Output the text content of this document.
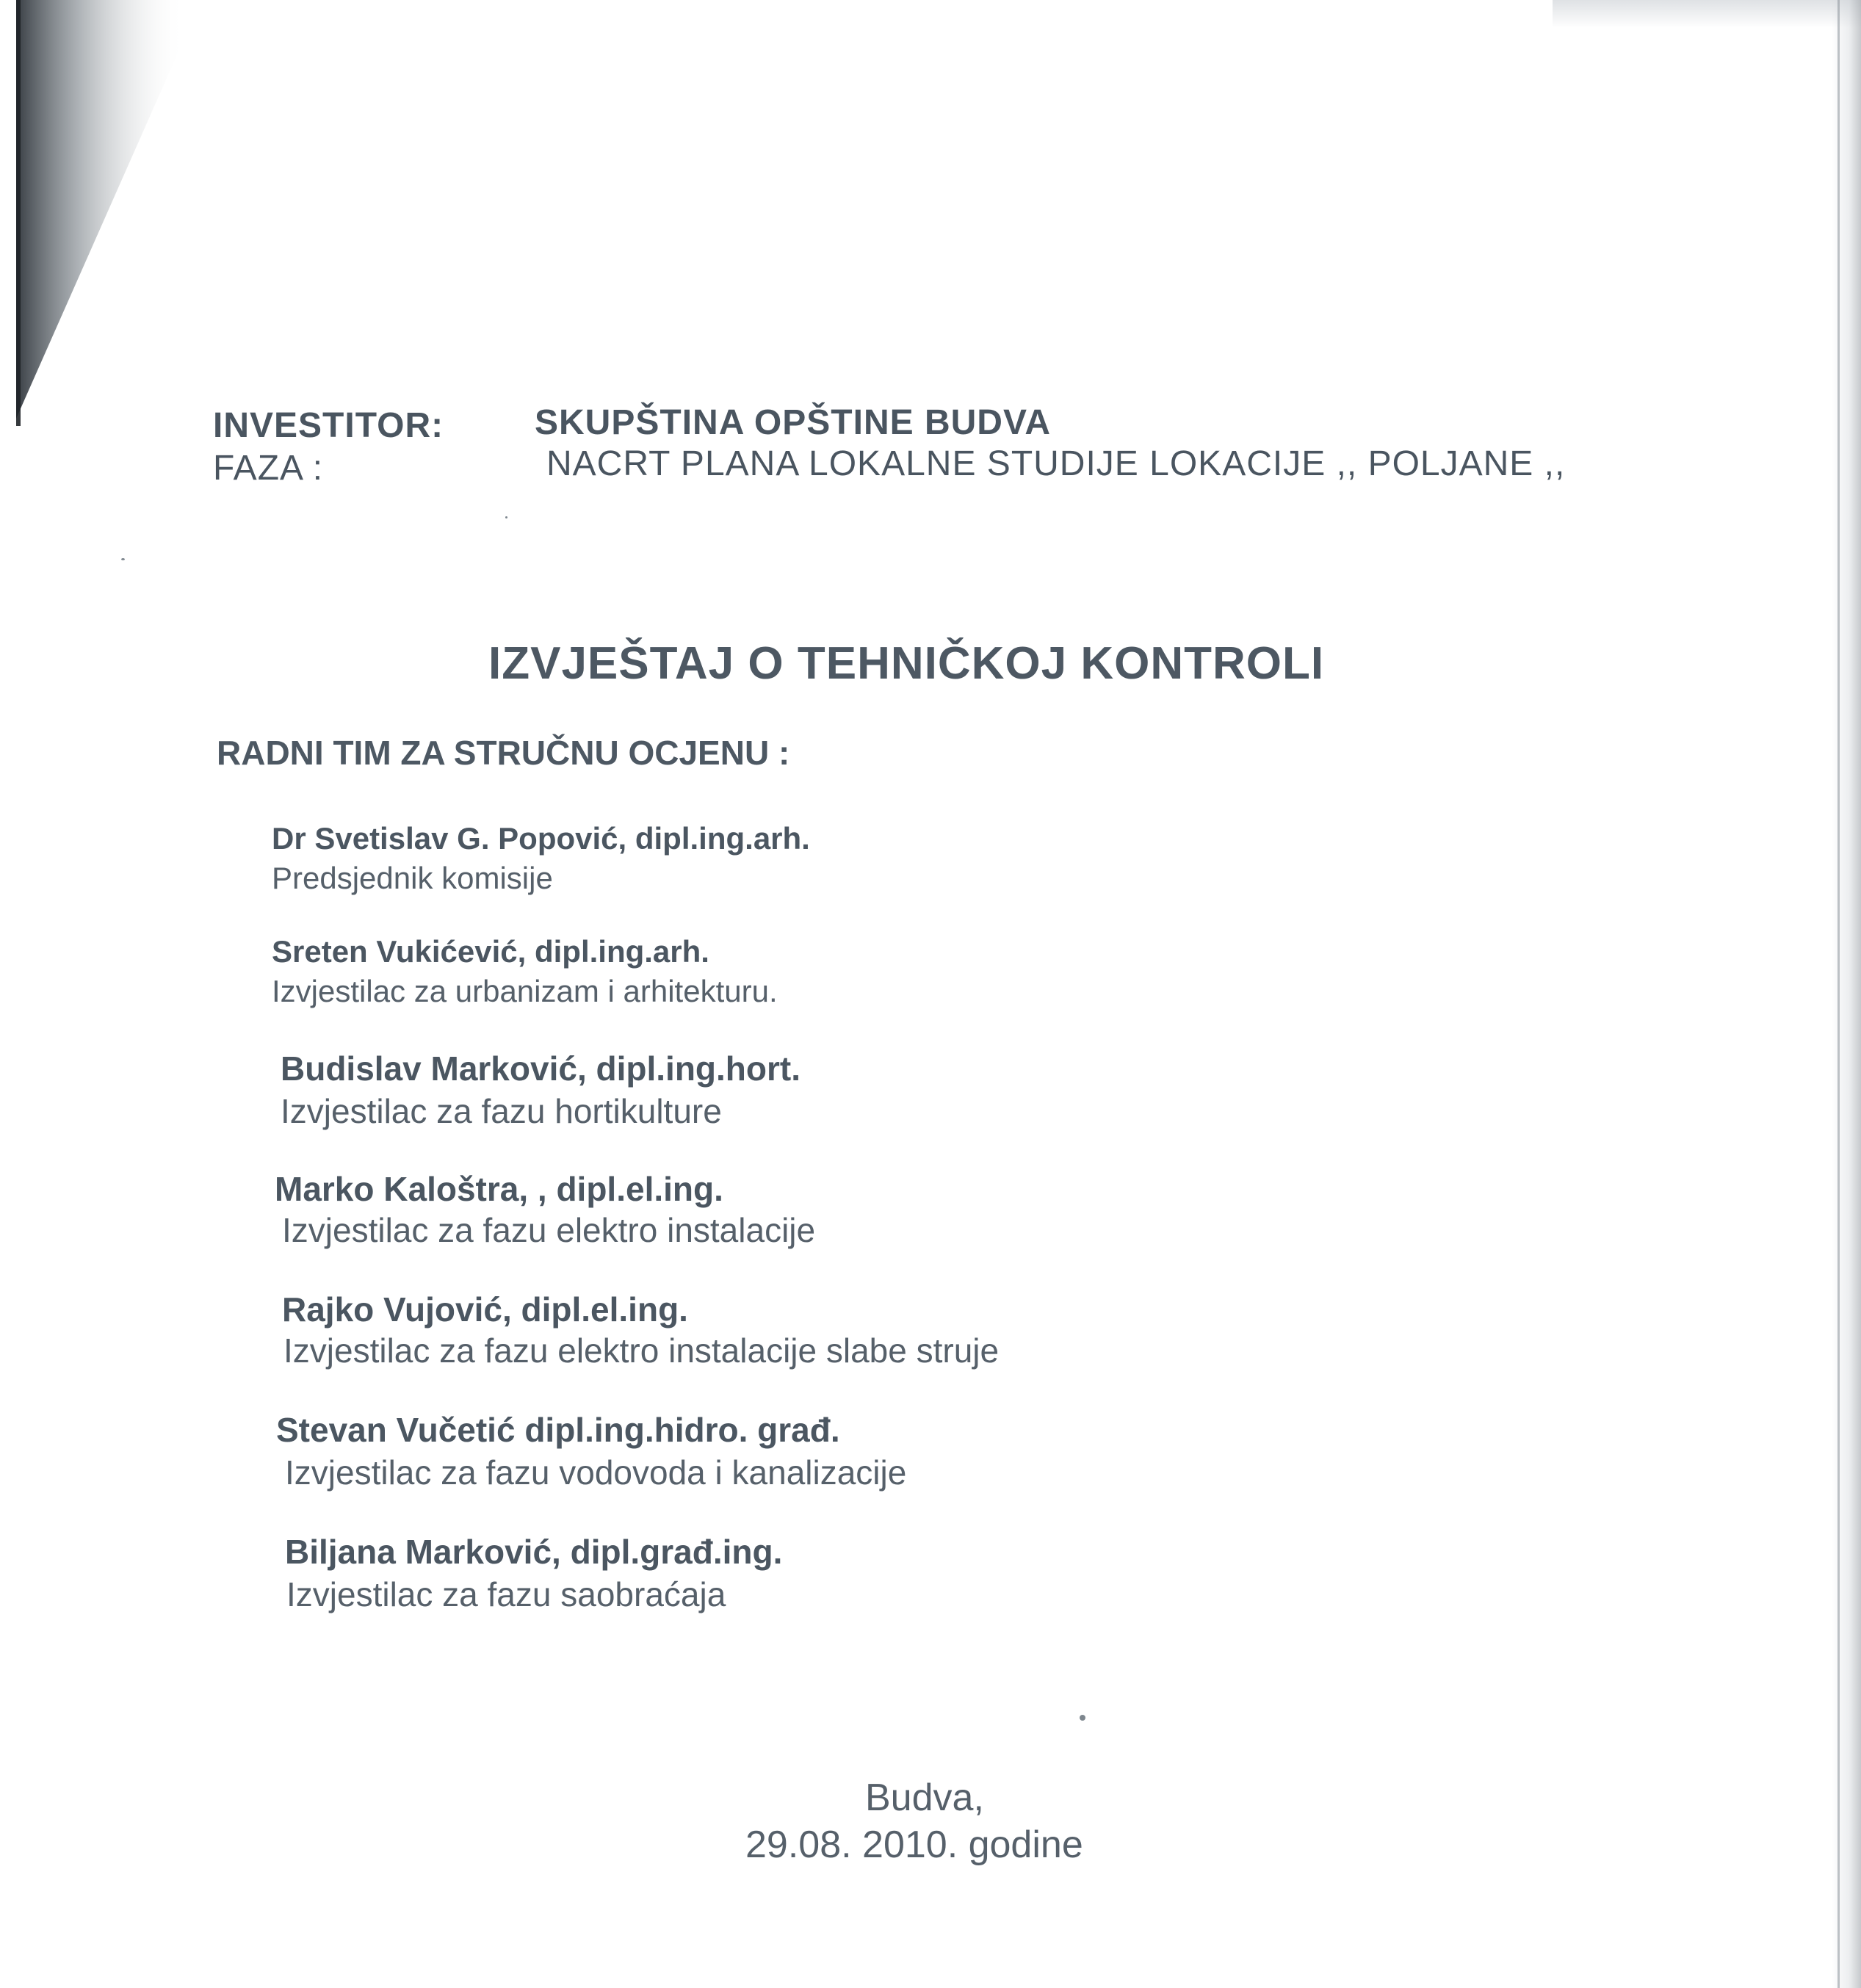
INVESTITOR:	SKUPŠTINA OPŠTINE BUDVA
FAZA :	NACRT PLANA LOKALNE STUDIJE LOKACIJE ,, POLJANE ,,
IZVJEŠTAJ O TEHNIČKOJ KONTROLI
RADNI TIM ZA STRUČNU OCJENU :
Dr Svetislav G. Popović, dipl.ing.arh.
Predsjednik komisije
Sreten Vukićević, dipl.ing.arh.
Izvjestilac za urbanizam i arhitekturu.
Budislav Marković, dipl.ing.hort.
Izvjestilac za fazu hortikulture
Marko Kaloštra, , dipl.el.ing.
Izvjestilac za fazu elektro instalacije
Rajko Vujović, dipl.el.ing.
Izvjestilac za fazu elektro instalacije slabe struje
Stevan Vučetić dipl.ing.hidro. građ.
Izvjestilac za fazu vodovoda i kanalizacije
Biljana Marković, dipl.građ.ing.
Izvjestilac za fazu saobraćaja
Budva,
29.08. 2010. godine
